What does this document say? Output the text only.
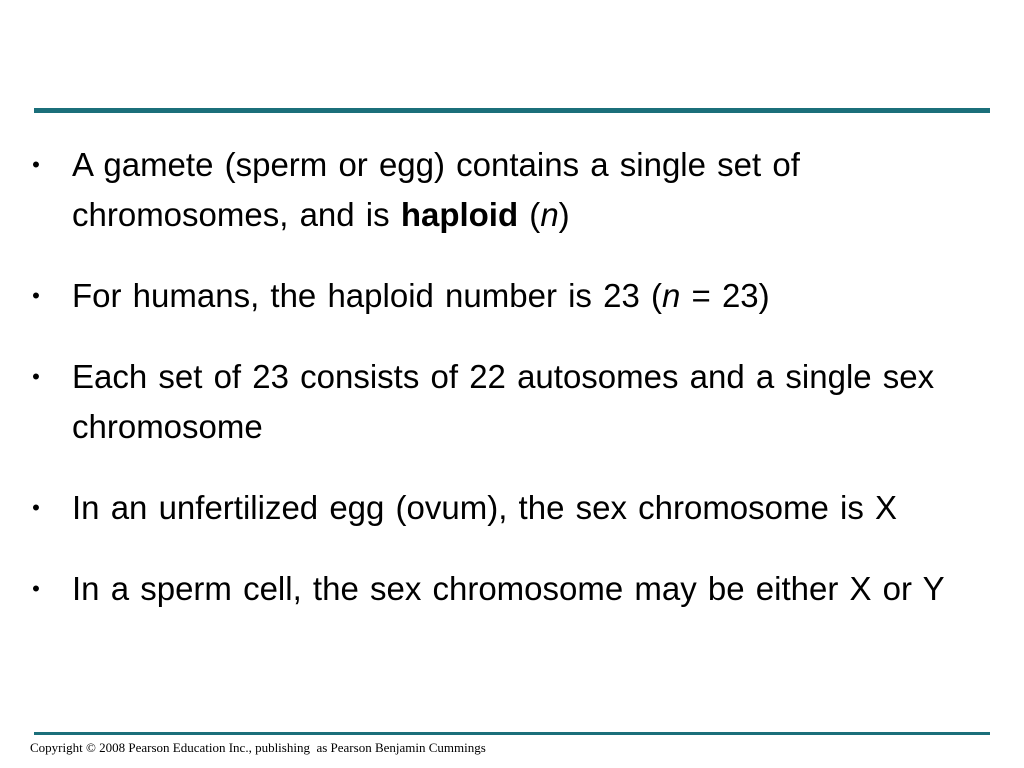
• A gamete (sperm or egg) contains a single set of chromosomes, and is haploid (n)
• For humans, the haploid number is 23 (n = 23)
• Each set of 23 consists of 22 autosomes and a single sex chromosome
• In an unfertilized egg (ovum), the sex chromosome is X
• In a sperm cell, the sex chromosome may be either X or Y
Copyright © 2008 Pearson Education Inc., publishing  as Pearson Benjamin Cummings
